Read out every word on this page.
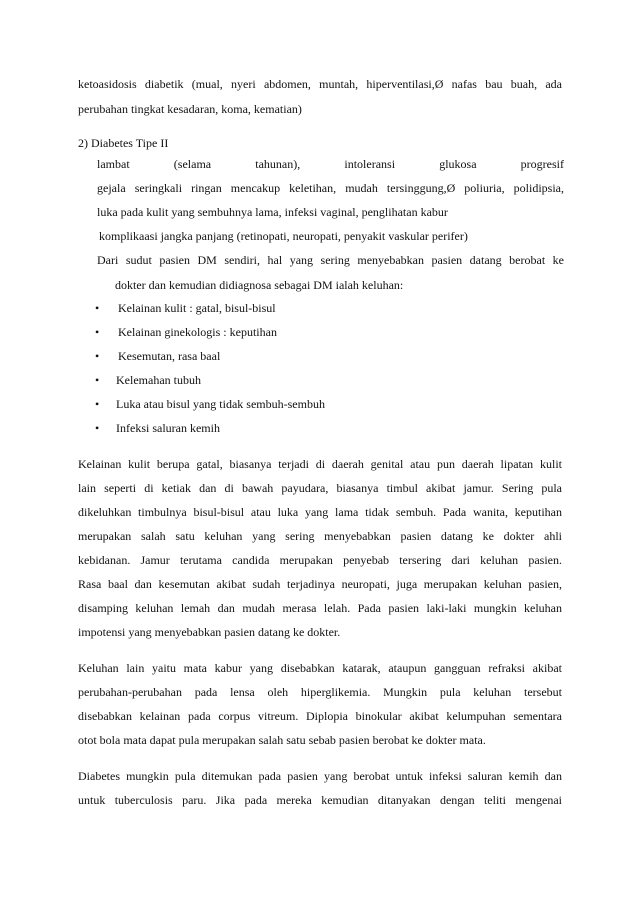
ketoasidosis diabetik (mual, nyeri abdomen, muntah, hiperventilasi,Ø nafas bau buah, ada
perubahan tingkat kesadaran, koma, kematian)
2) Diabetes Tipe II
lambat (selama tahunan), intoleransi glukosa progresif
gejala seringkali ringan mencakup keletihan, mudah tersinggung,Ø poliuria, polidipsia,
luka pada kulit yang sembuhnya lama, infeksi vaginal, penglihatan kabur
komplikaasi jangka panjang (retinopati, neuropati, penyakit vaskular perifer)
Dari sudut pasien DM sendiri, hal yang sering menyebabkan pasien datang berobat ke
dokter dan kemudian didiagnosa sebagai DM ialah keluhan:
• Kelainan kulit : gatal, bisul-bisul
• Kelainan ginekologis : keputihan
• Kesemutan, rasa baal
• Kelemahan tubuh
• Luka atau bisul yang tidak sembuh-sembuh
• Infeksi saluran kemih
Kelainan kulit berupa gatal, biasanya terjadi di daerah genital atau pun daerah lipatan kulit
lain seperti di ketiak dan di bawah payudara, biasanya timbul akibat jamur. Sering pula
dikeluhkan timbulnya bisul-bisul atau luka yang lama tidak sembuh. Pada wanita, keputihan
merupakan salah satu keluhan yang sering menyebabkan pasien datang ke dokter ahli
kebidanan. Jamur terutama candida merupakan penyebab tersering dari keluhan pasien.
Rasa baal dan kesemutan akibat sudah terjadinya neuropati, juga merupakan keluhan pasien,
disamping keluhan lemah dan mudah merasa lelah. Pada pasien laki-laki mungkin keluhan
impotensi yang menyebabkan pasien datang ke dokter.
Keluhan lain yaitu mata kabur yang disebabkan katarak, ataupun gangguan refraksi akibat
perubahan-perubahan pada lensa oleh hiperglikemia. Mungkin pula keluhan tersebut
disebabkan kelainan pada corpus vitreum. Diplopia binokular akibat kelumpuhan sementara
otot bola mata dapat pula merupakan salah satu sebab pasien berobat ke dokter mata.
Diabetes mungkin pula ditemukan pada pasien yang berobat untuk infeksi saluran kemih dan
untuk tuberculosis paru. Jika pada mereka kemudian ditanyakan dengan teliti mengenai
